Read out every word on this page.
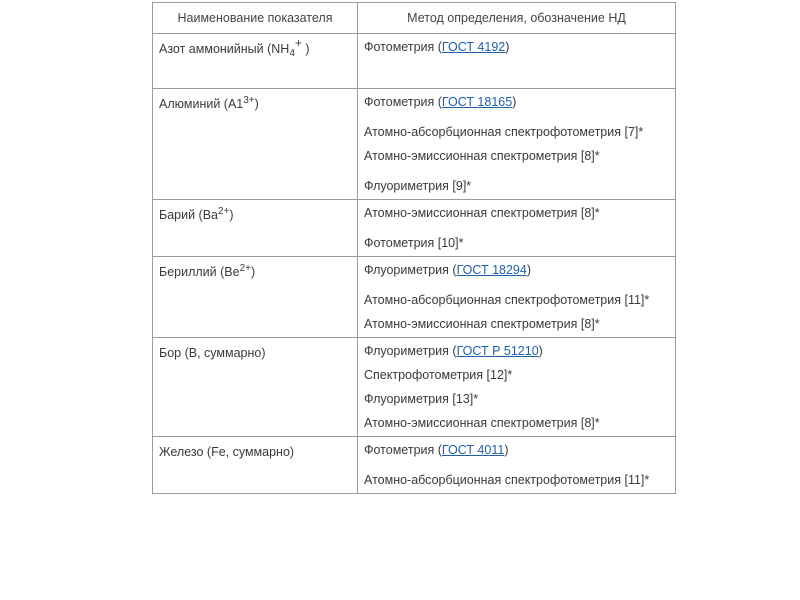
Наименование показателя	Метод определения, обозначение НД
Азот аммонийный ($NH_4+$ )	Фотометрия (ГОСТ 4192)

Алюминий $(А1^{3+})$	Фотометрия (ГОСТ 18165)
Атомно-абсорбционная спектрофотометрия [7]*
Атомно-эмиссионная спектрометрия [8]*
Флуориметрия [9]*

Барий $(Ва^{2+})$	Атомно-эмиссионная спектрометрия [8]*
Фотометрия [10]*

Бериллий $(Be^{2+})$	Флуориметрия (ГОСТ 18294)
Атомно-абсорбционная спектрофотометрия [11]*
Атомно-эмиссионная спектрометрия [8]*

Бор (В, суммарно)	Флуориметрия (ГОСТ Р 51210)
Спектрофотометрия [12]*
Флуориметрия [13]*
Атомно-эмиссионная спектрометрия [8]*

Железо (Fe, суммарно)	Фотометрия (ГОСТ 4011)
Атомно-абсорбционная спектрофотометрия [11]*
